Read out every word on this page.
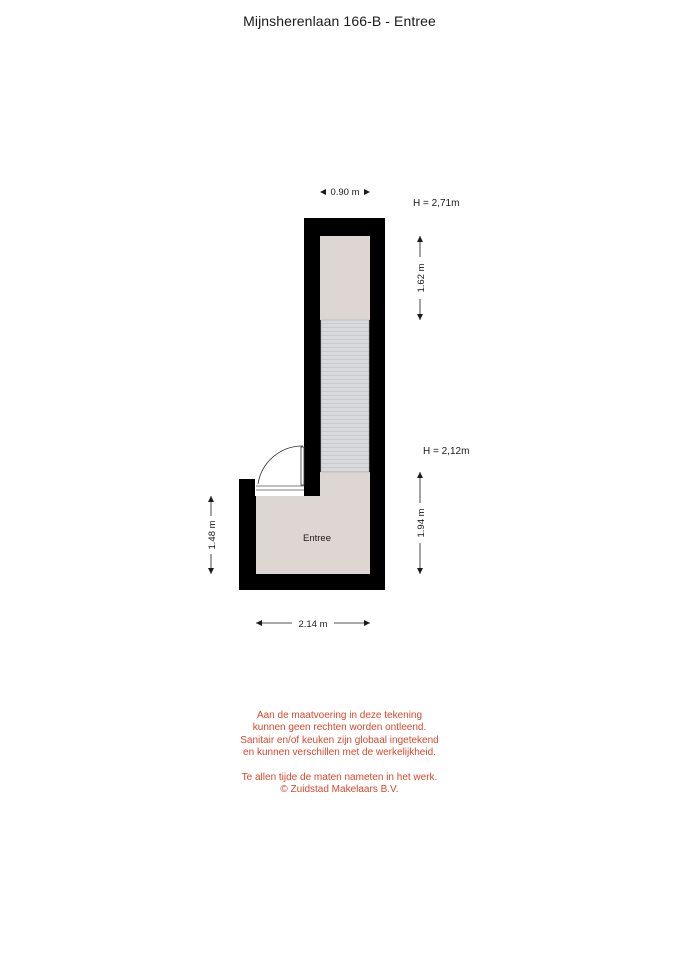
Mijnsherenlaan 166-B - Entree
Entree
0.90 m
H = 2,71m
1.62 m
H = 2,12m
1.94 m
1.48 m
2.14 m
Aan de maatvoering in deze tekening
kunnen geen rechten worden ontleend.
Sanitair en/of keuken zijn globaal ingetekend
en kunnen verschillen met de werkelijkheid.
Te allen tijde de maten nameten in het werk.
© Zuidstad Makelaars B.V.
